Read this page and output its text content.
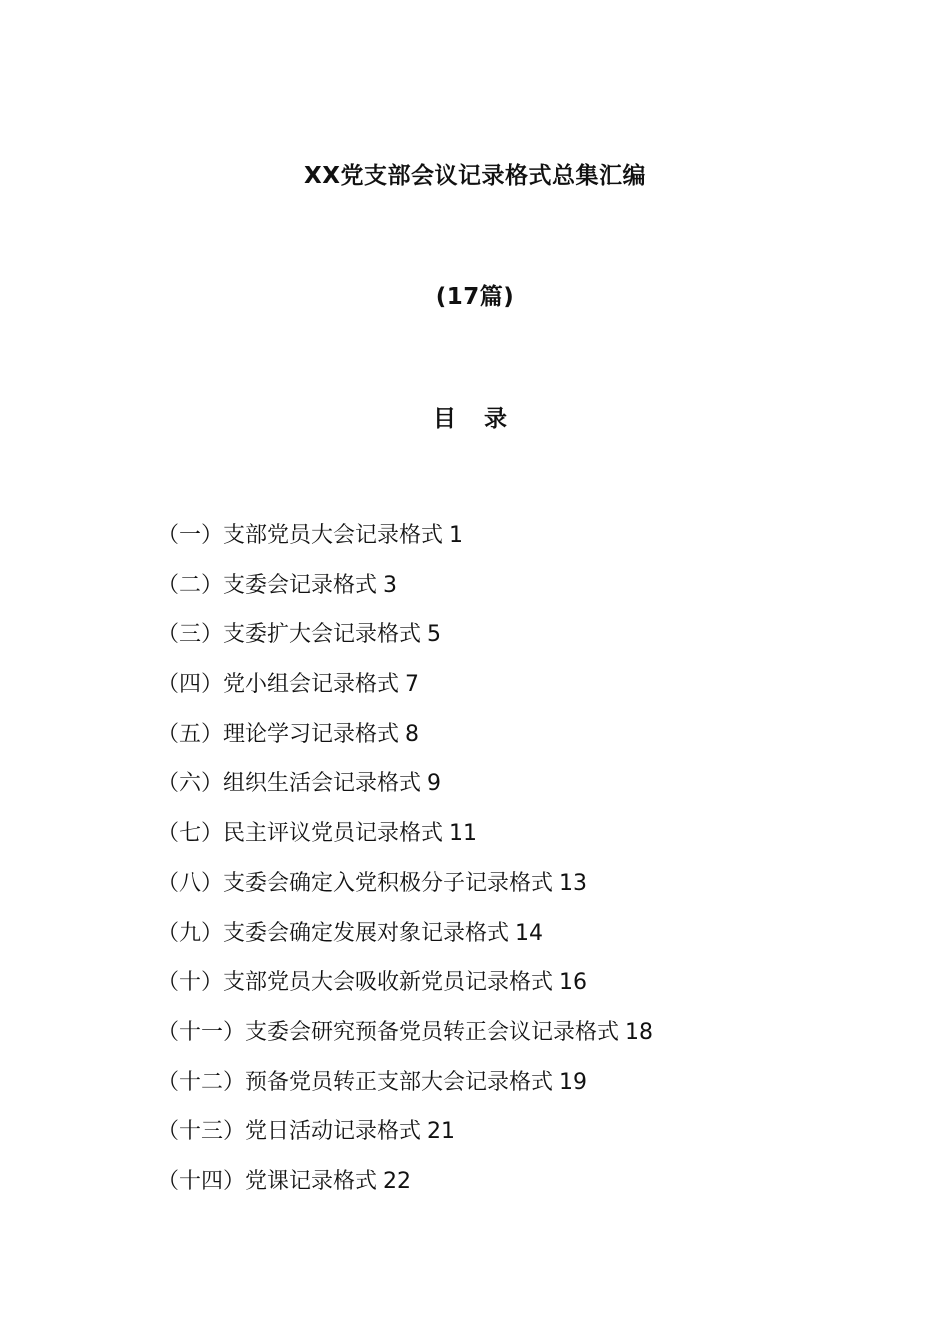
XX党支部会议记录格式总集汇编
(17篇)
目 录
（一）支部党员大会记录格式 1
（二）支委会记录格式 3
（三）支委扩大会记录格式 5
（四）党小组会记录格式 7
（五）理论学习记录格式 8
（六）组织生活会记录格式 9
（七）民主评议党员记录格式 11
（八）支委会确定入党积极分子记录格式 13
（九）支委会确定发展对象记录格式 14
（十）支部党员大会吸收新党员记录格式 16
（十一）支委会研究预备党员转正会议记录格式 18
（十二）预备党员转正支部大会记录格式 19
（十三）党日活动记录格式 21
（十四）党课记录格式 22
